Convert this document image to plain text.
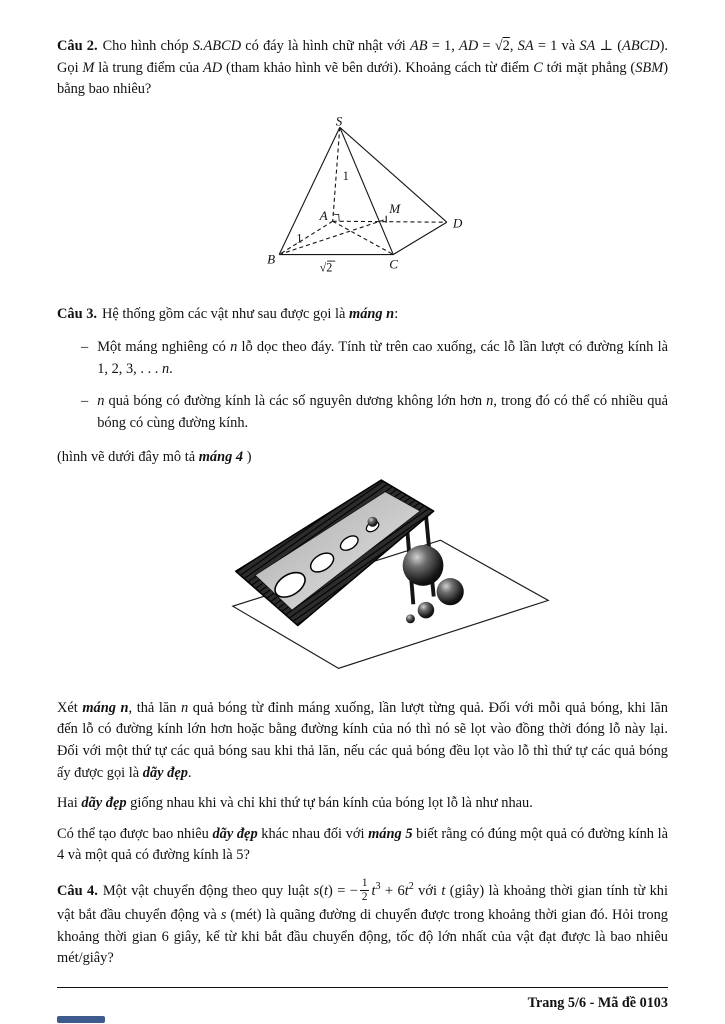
Câu 2. Cho hình chóp S.ABCD có đáy là hình chữ nhật với AB = 1, AD = √2, SA = 1 và SA ⊥ (ABCD). Gọi M là trung điểm của AD (tham khảo hình vẽ bên dưới). Khoảng cách từ điểm C tới mặt phẳng (SBM) bằng bao nhiêu?

S
A	M
D
B	C
1
1
√2

Câu 3. Hệ thống gồm các vật như sau được gọi là máng n:

– Một máng nghiêng có n lỗ dọc theo đáy. Tính từ trên cao xuống, các lỗ lần lượt có đường kính là 1, 2, 3, . . . n.

– n quả bóng có đường kính là các số nguyên dương không lớn hơn n, trong đó có thể có nhiều quả bóng có cùng đường kính.

(hình vẽ dưới đây mô tả máng 4 )

Xét máng n, thả lăn n quả bóng từ đỉnh máng xuống, lần lượt từng quả. Đối với mỗi quả bóng, khi lăn đến lỗ có đường kính lớn hơn hoặc bằng đường kính của nó thì nó sẽ lọt vào đồng thời đóng lỗ này lại. Đối với một thứ tự các quả bóng sau khi thả lăn, nếu các quả bóng đều lọt vào lỗ thì thứ tự các quả bóng ấy được gọi là dãy đẹp.

Hai dãy đẹp giống nhau khi và chỉ khi thứ tự bán kính của bóng lọt lỗ là như nhau.

Có thể tạo được bao nhiêu dãy đẹp khác nhau đối với máng 5 biết rằng có đúng một quả có đường kính là 4 và một quả có đường kính là 5?

Câu 4. Một vật chuyển động theo quy luật s(t) = − $\frac{1}{2} t^3 + 6t^2$ với t (giây) là khoảng thời gian tính từ khi vật bắt đầu chuyển động và s (mét) là quãng đường di chuyển được trong khoảng thời gian đó. Hỏi trong khoảng thời gian 6 giây, kể từ khi bắt đầu chuyển động, tốc độ lớn nhất của vật đạt được là bao nhiêu mét/giây?

Trang 5/6 - Mã đề 0103
